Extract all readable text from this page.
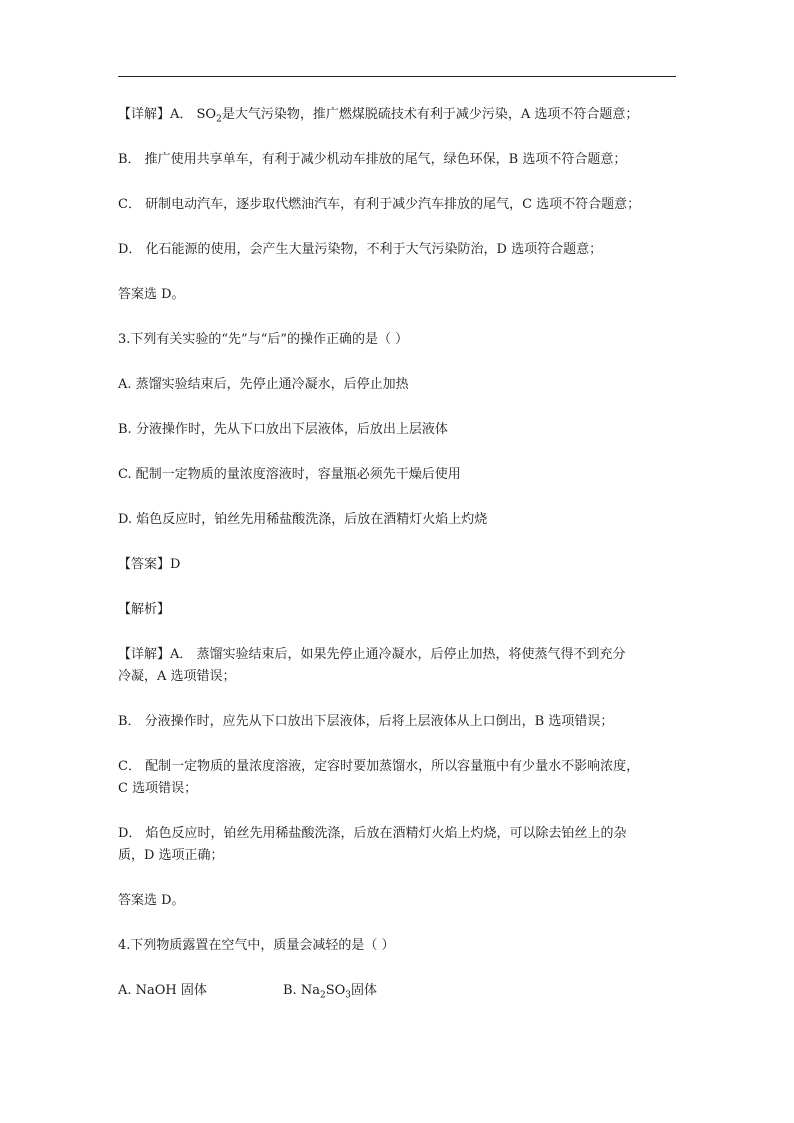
【详解】A． $SO_2$是大气污染物，推广燃煤脱硫技术有利于减少污染，A 选项不符合题意；

B． 推广使用共享单车，有利于减少机动车排放的尾气，绿色环保，B 选项不符合题意；

C． 研制电动汽车，逐步取代燃油汽车，有利于减少汽车排放的尾气，C 选项不符合题意；

D． 化石能源的使用，会产生大量污染物，不利于大气污染防治，D 选项符合题意；

答案选 D。

3.下列有关实验的“先”与“后”的操作正确的是（ ）

A. 蒸馏实验结束后，先停止通冷凝水，后停止加热

B. 分液操作时，先从下口放出下层液体，后放出上层液体

C. 配制一定物质的量浓度溶液时，容量瓶必须先干燥后使用

D. 焰色反应时，铂丝先用稀盐酸洗涤，后放在酒精灯火焰上灼烧

【答案】D

【解析】

【详解】A． 蒸馏实验结束后，如果先停止通冷凝水，后停止加热，将使蒸气得不到充分

冷凝，A 选项错误；

B． 分液操作时，应先从下口放出下层液体，后将上层液体从上口倒出，B 选项错误；

C． 配制一定物质的量浓度溶液，定容时要加蒸馏水，所以容量瓶中有少量水不影响浓度，

C 选项错误；

D． 焰色反应时，铂丝先用稀盐酸洗涤，后放在酒精灯火焰上灼烧，可以除去铂丝上的杂

质，D 选项正确；

答案选 D。

4.下列物质露置在空气中，质量会减轻的是（ ）

A. NaOH 固体	B. $Na_2SO_3$固体
